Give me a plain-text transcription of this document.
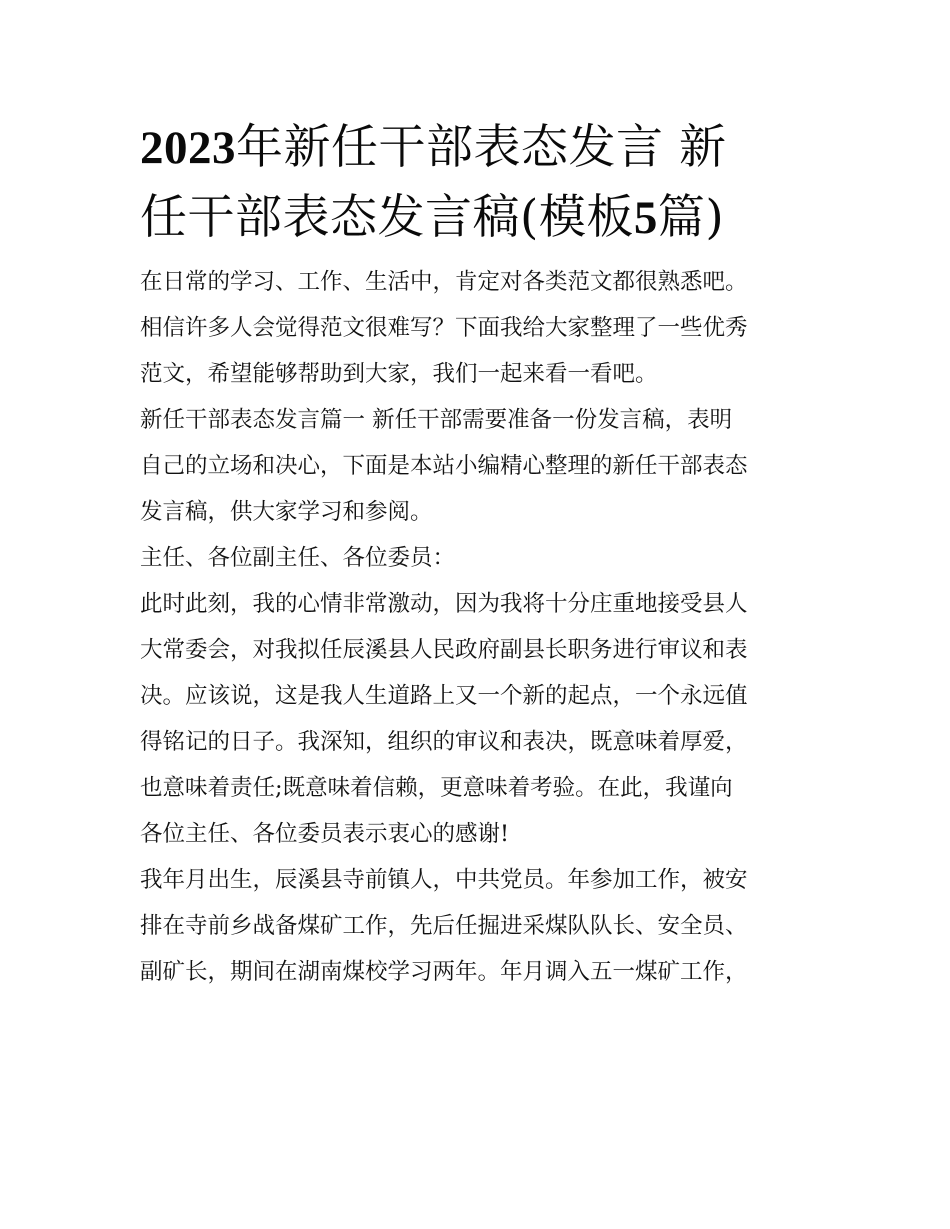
2023年新任干部表态发言 新
任干部表态发言稿(模板5篇)

在日常的学习、工作、生活中，肯定对各类范文都很熟悉吧。
相信许多人会觉得范文很难写？下面我给大家整理了一些优秀
范文，希望能够帮助到大家，我们一起来看一看吧。

新任干部表态发言篇一 新任干部需要准备一份发言稿，表明
自己的立场和决心，下面是本站小编精心整理的新任干部表态
发言稿，供大家学习和参阅。

主任、各位副主任、各位委员：

此时此刻，我的心情非常激动，因为我将十分庄重地接受县人
大常委会，对我拟任辰溪县人民政府副县长职务进行审议和表
决。应该说，这是我人生道路上又一个新的起点，一个永远值
得铭记的日子。我深知，组织的审议和表决，既意味着厚爱，
也意味着责任;既意味着信赖，更意味着考验。在此，我谨向
各位主任、各位委员表示衷心的感谢!

我年月出生，辰溪县寺前镇人，中共党员。年参加工作，被安
排在寺前乡战备煤矿工作，先后任掘进采煤队队长、安全员、
副矿长，期间在湖南煤校学习两年。年月调入五一煤矿工作，
